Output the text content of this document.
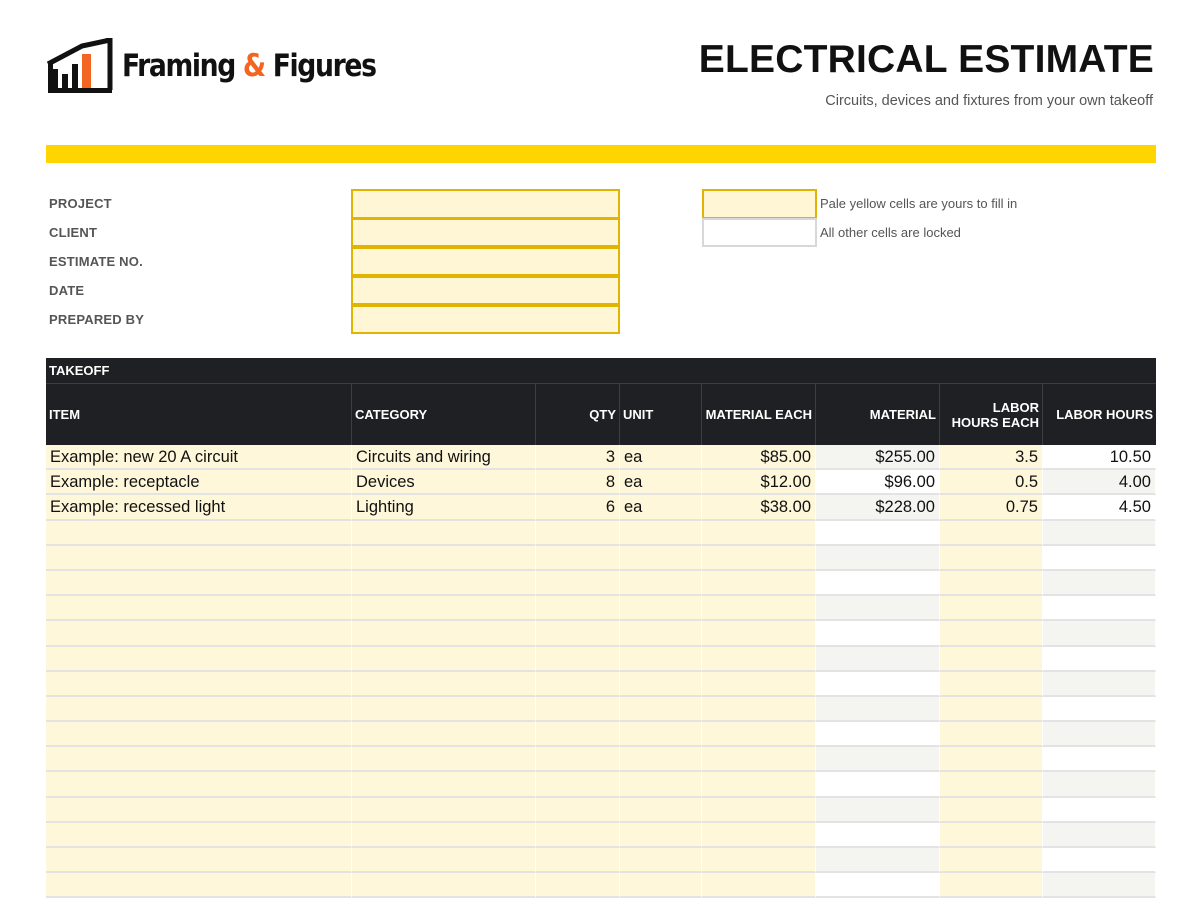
Framing & Figures	ELECTRICAL ESTIMATE
Circuits, devices and fixtures from your own takeoff
PROJECT
CLIENT
ESTIMATE NO.
DATE
PREPARED BY
Pale yellow cells are yours to fill in
All other cells are locked
TAKEOFF
ITEM	CATEGORY	QTY UNIT	MATERIAL EACH	MATERIAL	LABOR HOURS EACH	LABOR HOURS
Example: new 20 A circuit	Circuits and wiring	3 ea	$85.00	$255.00	3.5	10.50
Example: receptacle	Devices	8 ea	$12.00	$96.00	0.5	4.00
Example: recessed light	Lighting	6 ea	$38.00	$228.00	0.75	4.50
